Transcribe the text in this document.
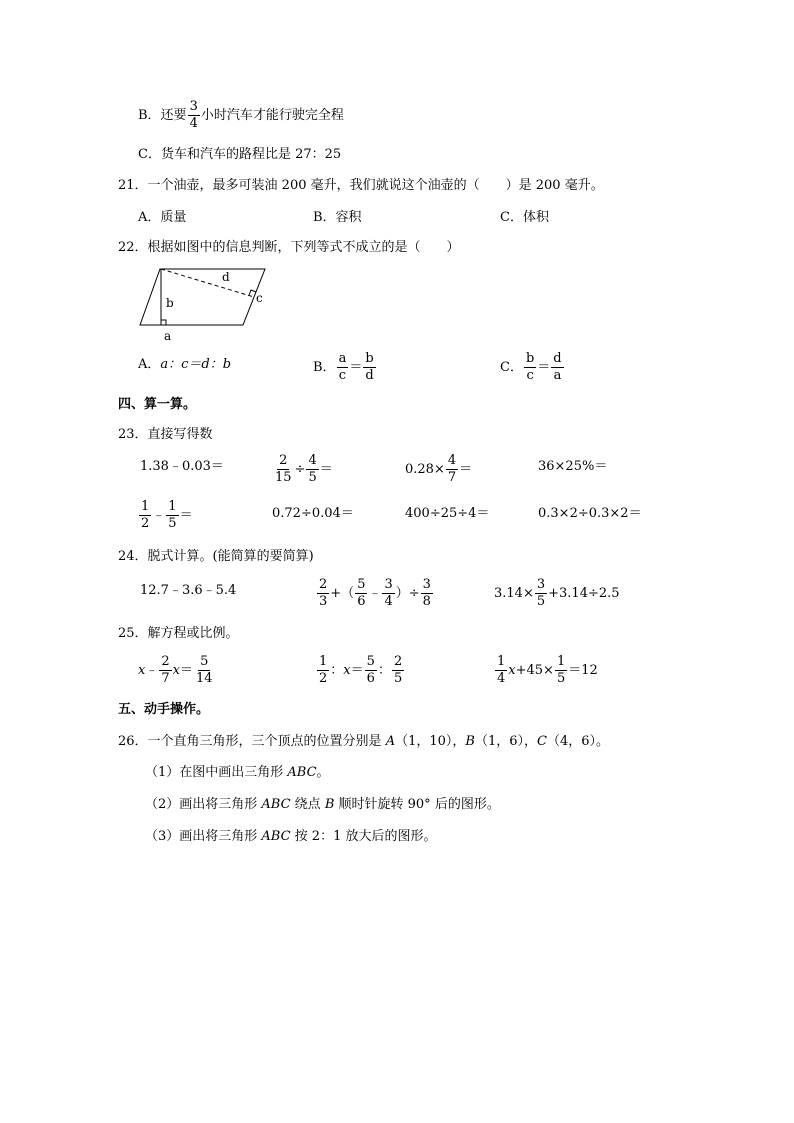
B．还要 $\frac{3}{4}$ 小时汽车才能行驶完全程
C．货车和汽车的路程比是 27：25
21．一个油壶，最多可装油 200 毫升，我们就说这个油壶的（　　）是 200 毫升。
A．质量	B．容积	C．体积
22．根据如图中的信息判断，下列等式不成立的是（　　）
d
c
b
a
A． a：c＝d：b	B． $\frac{a}{c} = \frac{b}{d}$	C． $\frac{b}{c} = \frac{d}{a}$
四、算一算。
23．直接写得数
1.38﹣0.03＝	$\frac{2}{15} \div \frac{4}{5}$ ＝	$0.28\times \frac{4}{7}$ ＝	36×25%＝
$\frac{1}{2}$ ﹣ $\frac{1}{5}$ ＝	0.72÷0.04＝	400÷25÷4＝	0.3×2÷0.3×2＝
24．脱式计算。(能简算的要简算)
12.7﹣3.6﹣5.4	$\frac{2}{3}$ +（ $\frac{5}{6}$ ﹣ $\frac{3}{4}$ ）÷ $\frac{3}{8}$	$3.14\times \frac{3}{5} +3.14\div 2.5$
25．解方程或比例。
x ﹣ $\frac{2}{7}$ $x = \frac{5}{14}$	$\frac{1}{2}$ ： $x = \frac{5}{6}$ ： $\frac{2}{5}$	$\frac{1}{4}$ $x +45\times \frac{1}{5} =12$
五、动手操作。
26．一个直角三角形，三个顶点的位置分别是 A（1，10），B（1，6），C（4，6）。
（1）在图中画出三角形 ABC。
（2）画出将三角形 ABC 绕点 B 顺时针旋转 90° 后的图形。
（3）画出将三角形 ABC 按 2：1 放大后的图形。
